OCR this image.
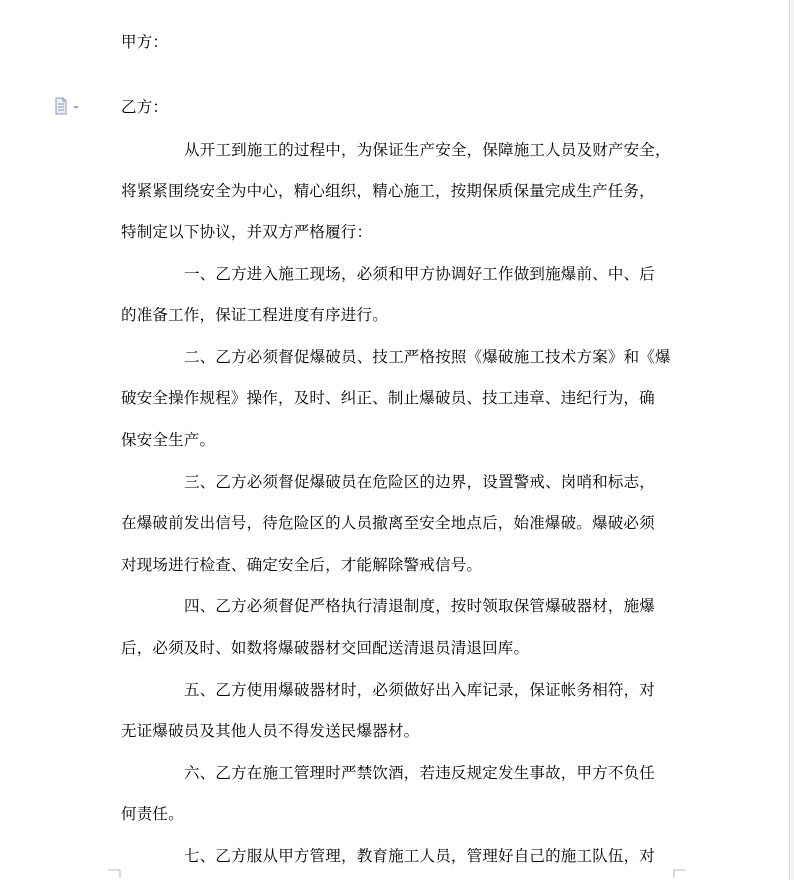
甲方：
乙方：
从开工到施工的过程中，为保证生产安全，保障施工人员及财产安全，
将紧紧围绕安全为中心，精心组织，精心施工，按期保质保量完成生产任务，
特制定以下协议，并双方严格履行：
一、乙方进入施工现场，必须和甲方协调好工作做到施爆前、中、后
的准备工作，保证工程进度有序进行。
二、乙方必须督促爆破员、技工严格按照《爆破施工技术方案》和《爆
破安全操作规程》操作，及时、纠正、制止爆破员、技工违章、违纪行为，确
保安全生产。
三、乙方必须督促爆破员在危险区的边界，设置警戒、岗哨和标志，
在爆破前发出信号，待危险区的人员撤离至安全地点后，始准爆破。爆破必须
对现场进行检查、确定安全后，才能解除警戒信号。
四、乙方必须督促严格执行清退制度，按时领取保管爆破器材，施爆
后，必须及时、如数将爆破器材交回配送清退员清退回库。
五、乙方使用爆破器材时，必须做好出入库记录，保证帐务相符，对
无证爆破员及其他人员不得发送民爆器材。
六、乙方在施工管理时严禁饮酒，若违反规定发生事故，甲方不负任
何责任。
七、乙方服从甲方管理，教育施工人员，管理好自己的施工队伍，对
